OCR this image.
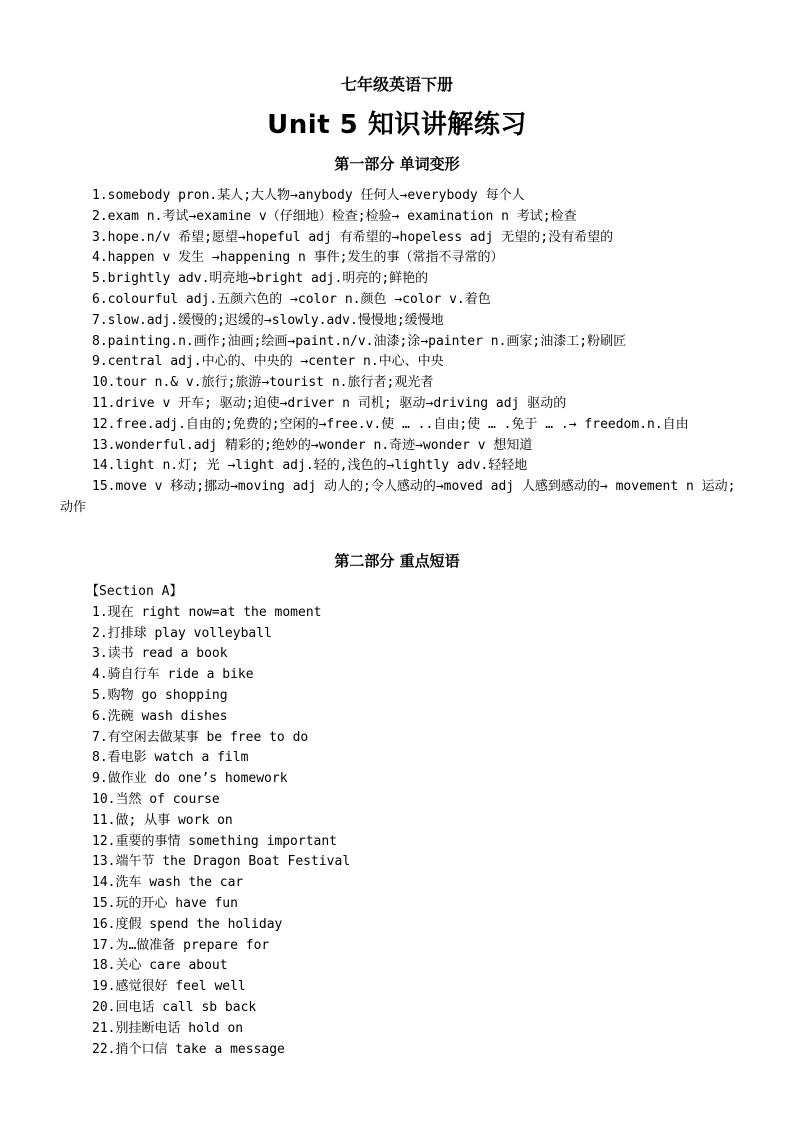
七年级英语下册
Unit 5 知识讲解练习
第一部分 单词变形
1.somebody pron.某人;大人物→anybody 任何人→everybody 每个人
2.exam n.考试→examine v（仔细地）检查;检验→ examination n 考试;检查
3.hope.n/v 希望;愿望→hopeful adj 有希望的→hopeless adj 无望的;没有希望的
4.happen v 发生 →happening n 事件;发生的事（常指不寻常的）
5.brightly adv.明亮地→bright adj.明亮的;鲜艳的
6.colourful adj.五颜六色的 →color n.颜色 →color v.着色
7.slow.adj.缓慢的;迟缓的→slowly.adv.慢慢地;缓慢地
8.painting.n.画作;油画;绘画→paint.n/v.油漆;涂→painter n.画家;油漆工;粉刷匠
9.central adj.中心的、中央的 →center n.中心、中央
10.tour n.& v.旅行;旅游→tourist n.旅行者;观光者
11.drive v 开车; 驱动;迫使→driver n 司机; 驱动→driving adj 驱动的
12.free.adj.自由的;免费的;空闲的→free.v.使 … ..自由;使 … .免于 … .→ freedom.n.自由
13.wonderful.adj 精彩的;绝妙的→wonder n.奇迹→wonder v 想知道
14.light n.灯; 光 →light adj.轻的,浅色的→lightly adv.轻轻地
15.move v 移动;挪动→moving adj 动人的;令人感动的→moved adj 人感到感动的→ movement n 运动;动作
第二部分 重点短语
【Section A】
1.现在 right now=at the moment
2.打排球 play volleyball
3.读书 read a book
4.骑自行车 ride a bike
5.购物 go shopping
6.洗碗 wash dishes
7.有空闲去做某事 be free to do
8.看电影 watch a film
9.做作业 do one’s homework
10.当然 of course
11.做; 从事 work on
12.重要的事情 something important
13.端午节 the Dragon Boat Festival
14.洗车 wash the car
15.玩的开心 have fun
16.度假 spend the holiday
17.为…做准备 prepare for
18.关心 care about
19.感觉很好 feel well
20.回电话 call sb back
21.别挂断电话 hold on
22.捎个口信 take a message
